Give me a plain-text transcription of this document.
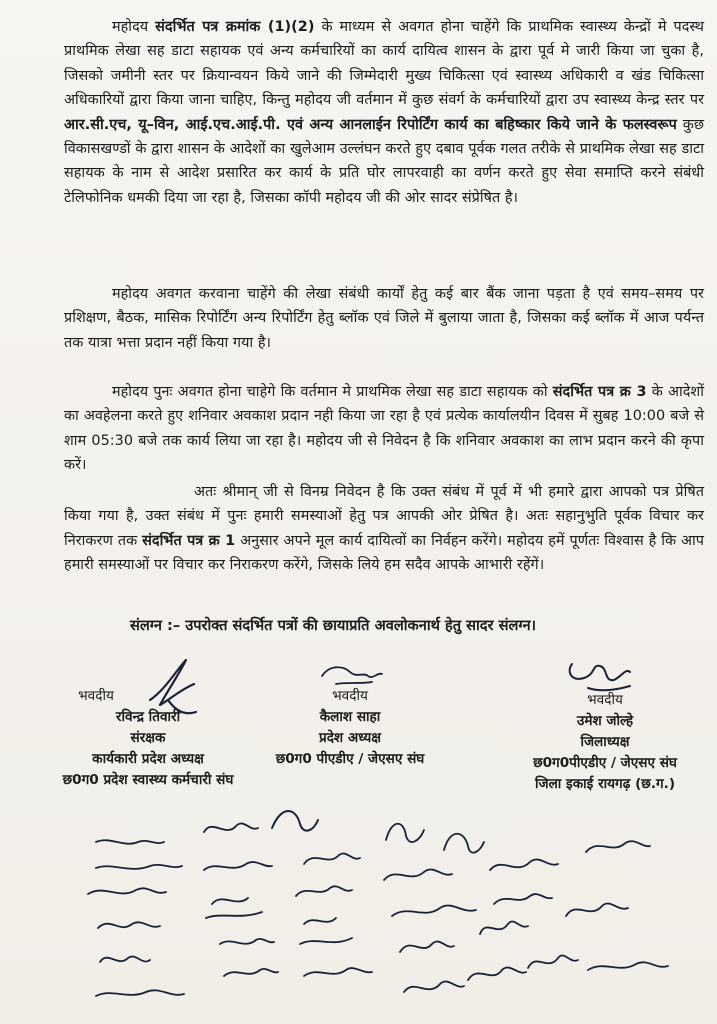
महोदय संदर्भित पत्र क्रमांक (1)(2) के माध्यम से अवगत होना चाहेंगे कि प्राथमिक स्वास्थ्य केन्द्रों मे पदस्थ प्राथमिक लेखा सह डाटा सहायक एवं अन्य कर्मचारियों का कार्य दायित्व शासन के द्वारा पूर्व मे जारी किया जा चुका है, जिसको जमीनी स्तर पर क्रियान्वयन किये जाने की जिम्मेदारी मुख्य चिकित्सा एवं स्वास्थ्य अधिकारी व खंड चिकित्सा अधिकारियों द्वारा किया जाना चाहिए, किन्तु महोदय जी वर्तमान में कुछ संवर्ग के कर्मचारियों द्वारा उप स्वास्थ्य केन्द्र स्तर पर आर.सी.एच, यू–विन, आई.एच.आई.पी. एवं अन्य आनलाईन रिपोर्टिंग कार्य का बहिष्कार किये जाने के फलस्वरूप कुछ विकासखण्डों के द्वारा शासन के आदेशों का खुलेआम उल्लंघन करते हुए दबाव पूर्वक गलत तरीके से प्राथमिक लेखा सह डाटा सहायक के नाम से आदेश प्रसारित कर कार्य के प्रति घोर लापरवाही का वर्णन करते हुए सेवा समाप्ति करने संबंधी टेलिफोनिक धमकी दिया जा रहा है, जिसका कॉपी महोदय जी की ओर सादर संप्रेषित है।

महोदय अवगत करवाना चाहेंगे की लेखा संबंधी कार्यों हेतु कई बार बैंक जाना पड़ता है एवं समय–समय पर प्रशिक्षण, बैठक, मासिक रिपोर्टिंग अन्य रिपोर्टिंग हेतु ब्लॉक एवं जिले में बुलाया जाता है, जिसका कई ब्लॉक में आज पर्यन्त तक यात्रा भत्ता प्रदान नहीं किया गया है।

महोदय पुनः अवगत होना चाहेगे कि वर्तमान मे प्राथमिक लेखा सह डाटा सहायक को संदर्भित पत्र क्र 3 के आदेशों का अवहेलना करते हुए शनिवार अवकाश प्रदान नही किया जा रहा है एवं प्रत्येक कार्यालयीन दिवस में सुबह 10:00 बजे से शाम 05:30 बजे तक कार्य लिया जा रहा है। महोदय जी से निवेदन है कि शनिवार अवकाश का लाभ प्रदान करने की कृपा करें।

अतः श्रीमान् जी से विनम्र निवेदन है कि उक्त संबंध में पूर्व में भी हमारे द्वारा आपको पत्र प्रेषित किया गया है, उक्त संबंध में पुनः हमारी समस्याओं हेतु पत्र आपकी ओर प्रेषित है। अतः सहानुभुति पूर्वक विचार कर निराकरण तक संदर्भित पत्र क्र 1 अनुसार अपने मूल कार्य दायित्वों का निर्वहन करेंगे। महोदय हमें पूर्णतः विश्वास है कि आप हमारी समस्याओं पर विचार कर निराकरण करेंगे, जिसके लिये हम सदैव आपके आभारी रहेंगें।

संलग्न :– उपरोक्त संदर्भित पत्रों की छायाप्रति अवलोकनार्थ हेतु सादर संलग्न।
भवदीय
रविन्द्र तिवारी
संरक्षक
कार्यकारी प्रदेश अध्यक्ष
छ0ग0 प्रदेश स्वास्थ्य कर्मचारी संघ
भवदीय
कैलाश साहा
प्रदेश अध्यक्ष
छ0ग0 पीएडीए / जेएसए संघ
भवदीय
उमेश जोल्हे
जिलाध्यक्ष
छ0ग0पीएडीए / जेएसए संघ
जिला इकाई रायगढ़ (छ.ग.)
